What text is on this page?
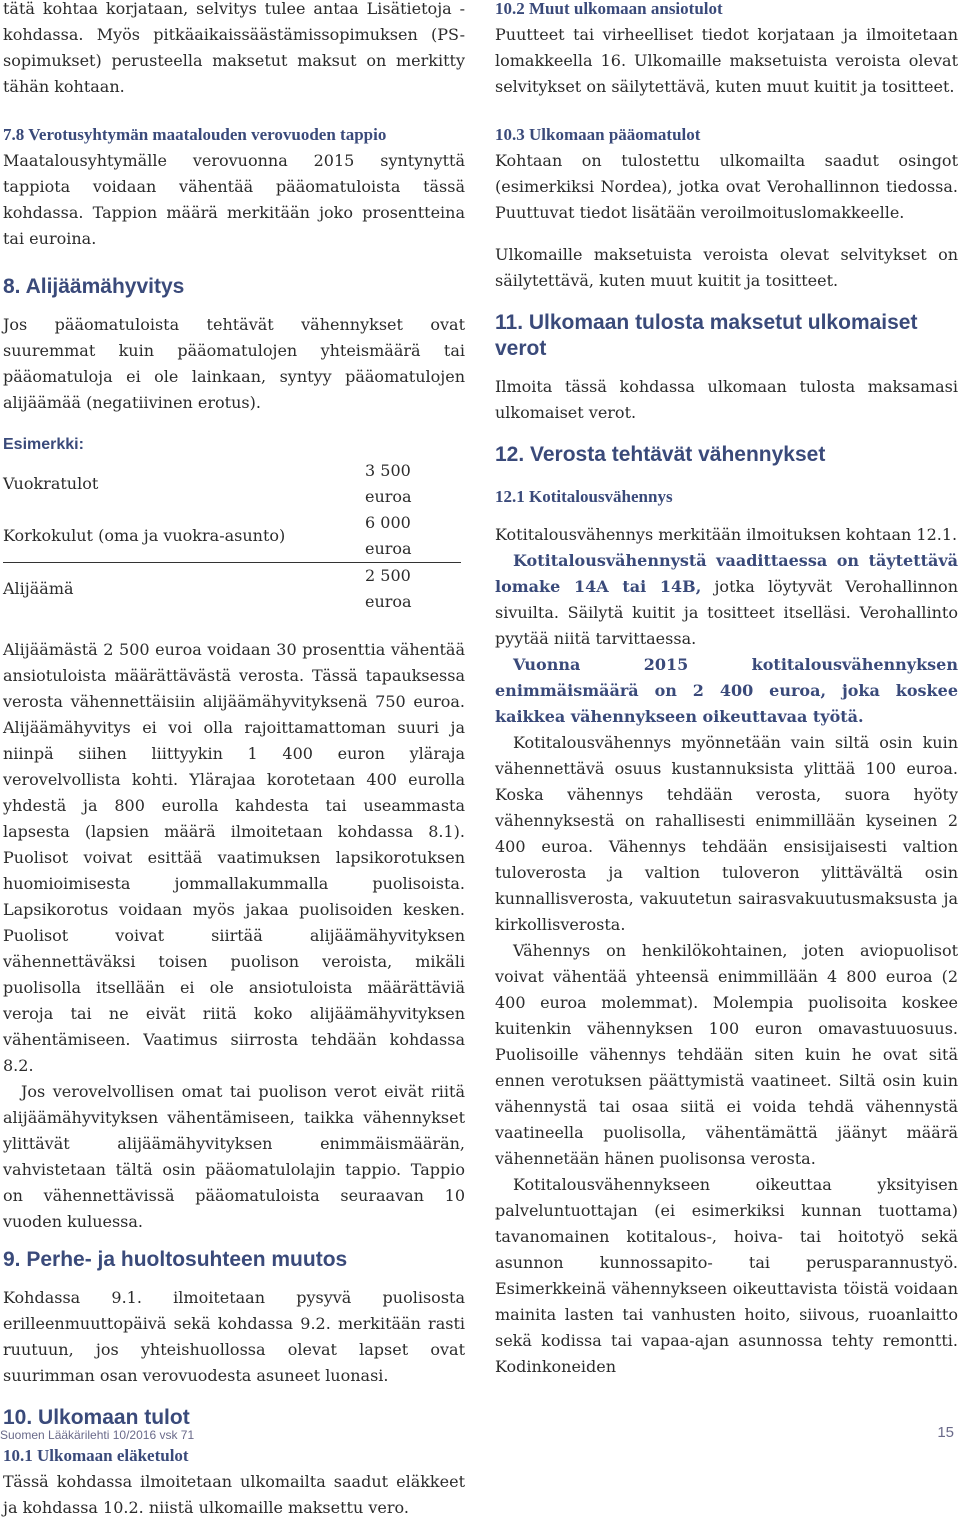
tätä kohtaa korjataan, selvitys tulee antaa Lisätietoja -kohdassa. Myös pitkäaikaissäästämissopimuksen (PS-sopimukset) perusteella maksetut maksut on merkitty tähän kohtaan.

7.8 Verotusyhtymän maatalouden verovuoden tappio

Maatalousyhtymälle verovuonna 2015 syntynyttä tappiota voidaan vähentää pääomatuloista tässä kohdassa. Tappion määrä merkitään joko prosentteina tai euroina.

8. Alijäämähyvitys

Jos pääomatuloista tehtävät vähennykset ovat suuremmat kuin pääomatulojen yhteismäärä tai pääomatuloja ei ole lainkaan, syntyy pääomatulojen alijäämää (negatiivinen erotus).

Esimerkki:
Vuokratulot	3 500 euroa
Korkokulut (oma ja vuokra-asunto)	6 000 euroa
Alijäämä	2 500 euroa

Alijäämästä 2 500 euroa voidaan 30 prosenttia vähentää ansiotuloista määrättävästä verosta. Tässä tapauksessa verosta vähennettäisiin alijäämähyvityksenä 750 euroa. Alijäämähyvitys ei voi olla rajoittamattoman suuri ja niinpä siihen liittyykin 1 400 euron yläraja verovelvollista kohti. Ylärajaa korotetaan 400 eurolla yhdestä ja 800 eurolla kahdesta tai useammasta lapsesta (lapsien määrä ilmoitetaan kohdassa 8.1). Puolisot voivat esittää vaatimuksen lapsikorotuksen huomioimisesta jommallakummalla puolisoista. Lapsikorotus voidaan myös jakaa puolisoiden kesken. Puolisot voivat siirtää alijäämähyvityksen vähennettäväksi toisen puolison veroista, mikäli puolisolla itsellään ei ole ansiotuloista määrättäviä veroja tai ne eivät riitä koko alijäämähyvityksen vähentämiseen. Vaatimus siirrosta tehdään kohdassa 8.2.

Jos verovelvollisen omat tai puolison verot eivät riitä alijäämähyvityksen vähentämiseen, taikka vähennykset ylittävät alijäämähyvityksen enimmäismäärän, vahvistetaan tältä osin pääomatulolajin tappio. Tappio on vähennettävissä pääomatuloista seuraavan 10 vuoden kuluessa.

9. Perhe- ja huoltosuhteen muutos

Kohdassa 9.1. ilmoitetaan pysyvä puolisosta erilleenmuuttopäivä sekä kohdassa 9.2. merkitään rasti ruutuun, jos yhteishuollossa olevat lapset ovat suurimman osan verovuodesta asuneet luonasi.

10. Ulkomaan tulot
10.1 Ulkomaan eläketulot

Tässä kohdassa ilmoitetaan ulkomailta saadut eläkkeet ja kohdassa 10.2. niistä ulkomaille maksettu vero.

10.2 Muut ulkomaan ansiotulot

Puutteet tai virheelliset tiedot korjataan ja ilmoitetaan lomakkeella 16. Ulkomaille maksetuista veroista olevat selvitykset on säilytettävä, kuten muut kuitit ja tositteet.

10.3 Ulkomaan pääomatulot

Kohtaan on tulostettu ulkomailta saadut osingot (esimerkiksi Nordea), jotka ovat Verohallinnon tiedossa. Puuttuvat tiedot lisätään veroilmoituslomakkeelle.

Ulkomaille maksetuista veroista olevat selvitykset on säilytettävä, kuten muut kuitit ja tositteet.

11. Ulkomaan tulosta maksetut ulkomaiset verot

Ilmoita tässä kohdassa ulkomaan tulosta maksamasi ulkomaiset verot.

12. Verosta tehtävät vähennykset
12.1 Kotitalousvähennys

Kotitalousvähennys merkitään ilmoituksen kohtaan 12.1.

Kotitalousvähennystä vaadittaessa on täytettävä lomake 14A tai 14B, jotka löytyvät Verohallinnon sivuilta. Säilytä kuitit ja tositteet itselläsi. Verohallinto pyytää niitä tarvittaessa.

Vuonna 2015 kotitalousvähennyksen enimmäismäärä on 2 400 euroa, joka koskee kaikkea vähennykseen oikeuttavaa työtä.

Kotitalousvähennys myönnetään vain siltä osin kuin vähennettävä osuus kustannuksista ylittää 100 euroa. Koska vähennys tehdään verosta, suora hyöty vähennyksestä on rahallisesti enimmillään kyseinen 2 400 euroa. Vähennys tehdään ensisijaisesti valtion tuloverosta ja valtion tuloveron ylittävältä osin kunnallisverosta, vakuutetun sairasvakuutusmaksusta ja kirkollisverosta.

Vähennys on henkilökohtainen, joten aviopuolisot voivat vähentää yhteensä enimmillään 4 800 euroa (2 400 euroa molemmat). Molempia puolisoita koskee kuitenkin vähennyksen 100 euron omavastuuosuus. Puolisoille vähennys tehdään siten kuin he ovat sitä ennen verotuksen päättymistä vaatineet. Siltä osin kuin vähennystä tai osaa siitä ei voida tehdä vähennystä vaatineella puolisolla, vähentämättä jäänyt määrä vähennetään hänen puolisonsa verosta.

Kotitalousvähennykseen oikeuttaa yksityisen palveluntuottajan (ei esimerkiksi kunnan tuottama) tavanomainen kotitalous-, hoiva- tai hoitotyö sekä asunnon kunnossapito- tai perusparannustyö. Esimerkkeinä vähennykseen oikeuttavista töistä voidaan mainita lasten tai vanhusten hoito, siivous, ruoanlaitto sekä kodissa tai vapaa-ajan asunnossa tehty remontti. Kodinkoneiden

Suomen Lääkärilehti 10/2016 vsk 71	15
